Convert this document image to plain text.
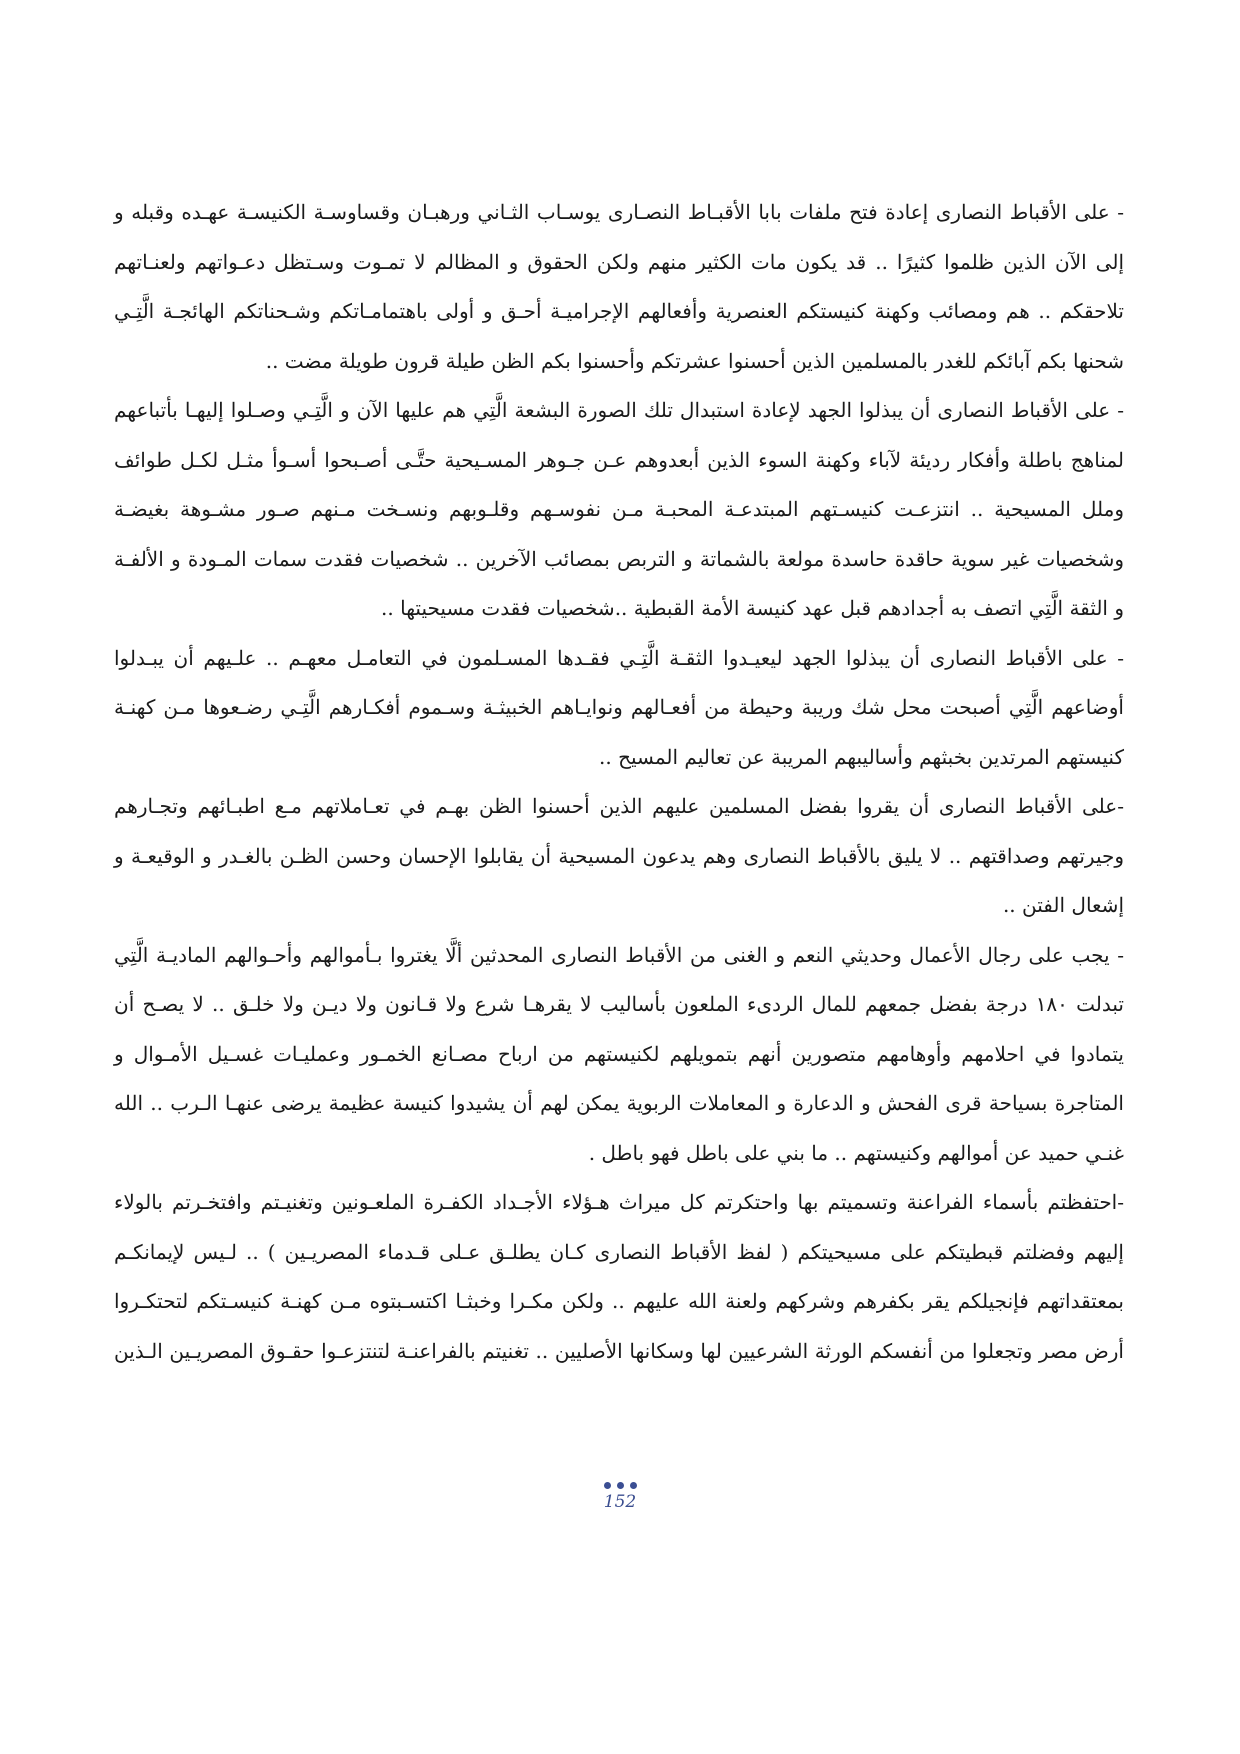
- على الأقباط النصارى إعادة فتح ملفات بابا الأقبـاط النصـارى يوسـاب الثـاني ورهبـان وقساوسـة الكنيسـة عهـده وقبله و إلى الآن الذين ظلموا كثيرًا .. قد يكون مات الكثير منهم ولكن الحقوق و المظالم لا تمـوت وسـتظل دعـواتهم ولعنـاتهم تلاحقكم .. هم ومصائب وكهنة كنيستكم العنصرية وأفعالهم الإجراميـة أحـق و أولى باهتمامـاتكم وشـحناتكم الهائجـة الَّتِـي شحنها بكم آبائكم للغدر بالمسلمين الذين أحسنوا عشرتكم وأحسنوا بكم الظن طيلة قرون طويلة مضت ..

- على الأقباط النصارى أن يبذلوا الجهد لإعادة استبدال تلك الصورة البشعة الَّتِي هم عليها الآن و الَّتِـي وصـلوا إليهـا بأتباعهم لمناهج باطلة وأفكار رديئة لآباء وكهنة السوء الذين أبعدوهم عـن جـوهر المسـيحية حتَّـى أصـبحوا أسـوأ مثـل لكـل طوائف وملل المسيحية .. انتزعـت كنيسـتهم المبتدعـة المحبـة مـن نفوسـهم وقلـوبهم ونسـخت مـنهم صـور مشـوهة بغيضـة وشخصيات غير سوية حاقدة حاسدة مولعة بالشماتة و التربص بمصائب الآخرين .. شخصيات فقدت سمات المـودة و الألفـة و الثقة الَّتِي اتصف به أجدادهم قبل عهد كنيسة الأمة القبطية ..شخصيات فقدت مسيحيتها ..

- على الأقباط النصارى أن يبذلوا الجهد ليعيـدوا الثقـة الَّتِـي فقـدها المسـلمون في التعامـل معهـم .. علـيهم أن يبـدلوا أوضاعهم الَّتِي أصبحت محل شك وريبة وحيطة من أفعـالهم ونوايـاهم الخبيثـة وسـموم أفكـارهم الَّتِـي رضـعوها مـن كهنـة كنيستهم المرتدين بخبثهم وأساليبهم المريبة عن تعاليم المسيح ..

-على الأقباط النصارى أن يقروا بفضل المسلمين عليهم الذين أحسنوا الظن بهـم في تعـاملاتهم مـع اطبـائهم وتجـارهم وجيرتهم وصداقتهم .. لا يليق بالأقباط النصارى وهم يدعون المسيحية أن يقابلوا الإحسان وحسن الظـن بالغـدر و الوقيعـة و إشعال الفتن ..

- يجب على رجال الأعمال وحديثي النعم و الغنى من الأقباط النصارى المحدثين ألَّا يغتروا بـأموالهم وأحـوالهم الماديـة الَّتِي تبدلت ١٨٠ درجة بفضل جمعهم للمال الردىء الملعون بأساليب لا يقرهـا شرع ولا قـانون ولا ديـن ولا خلـق .. لا يصـح أن يتمادوا في احلامهم وأوهامهم متصورين أنهم بتمويلهم لكنيستهم من ارباح مصـانع الخمـور وعمليـات غسـيل الأمـوال و المتاجرة بسياحة قرى الفحش و الدعارة و المعاملات الربوية يمكن لهم أن يشيدوا كنيسة عظيمة يرضى عنهـا الـرب .. الله غنـي حميد عن أموالهم وكنيستهم .. ما بني على باطل فهو باطل .

-احتفظتم بأسماء الفراعنة وتسميتم بها واحتكرتم كل ميراث هـؤلاء الأجـداد الكفـرة الملعـونين وتغنيـتم وافتخـرتم بالولاء إليهم وفضلتم قبطيتكم على مسيحيتكم ( لفظ الأقباط النصارى كـان يطلـق عـلى قـدماء المصريـين ) .. لـيس لإيمانكـم بمعتقداتهم فإنجيلكم يقر بكفرهم وشركهم ولعنة الله عليهم .. ولكن مكـرا وخبثـا اكتسـبتوه مـن كهنـة كنيسـتكم لتحتكـروا أرض مصر وتجعلوا من أنفسكم الورثة الشرعيين لها وسكانها الأصليين .. تغنيتم بالفراعنـة لتنتزعـوا حقـوق المصريـين الـذين

152
